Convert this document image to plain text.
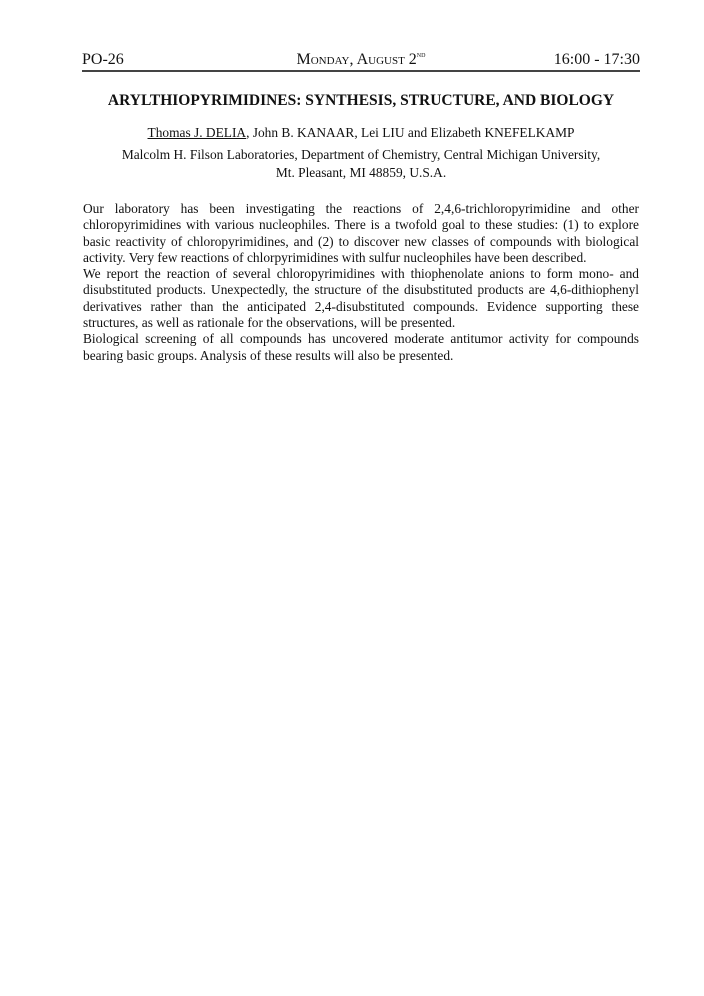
PO-26	Monday, August 2nd	16:00 - 17:30
ARYLTHIOPYRIMIDINES: SYNTHESIS, STRUCTURE, AND BIOLOGY
Thomas J. DELIA, John B. KANAAR, Lei LIU and Elizabeth KNEFELKAMP
Malcolm H. Filson Laboratories, Department of Chemistry, Central Michigan University,
Mt. Pleasant, MI 48859, U.S.A.

Our laboratory has been investigating the reactions of 2,4,6-trichloropyrimidine and other chloropyrimidines with various nucleophiles. There is a twofold goal to these studies: (1) to explore basic reactivity of chloropyrimidines, and (2) to discover new classes of compounds with biological activity. Very few reactions of chlorpyrimidines with sulfur nucleophiles have been described.

We report the reaction of several chloropyrimidines with thiophenolate anions to form mono- and disubstituted products. Unexpectedly, the structure of the disubstituted products are 4,6-dithiophenyl derivatives rather than the anticipated 2,4-disubstituted compounds. Evidence supporting these structures, as well as rationale for the observations, will be presented.

Biological screening of all compounds has uncovered moderate antitumor activity for compounds bearing basic groups. Analysis of these results will also be presented.
